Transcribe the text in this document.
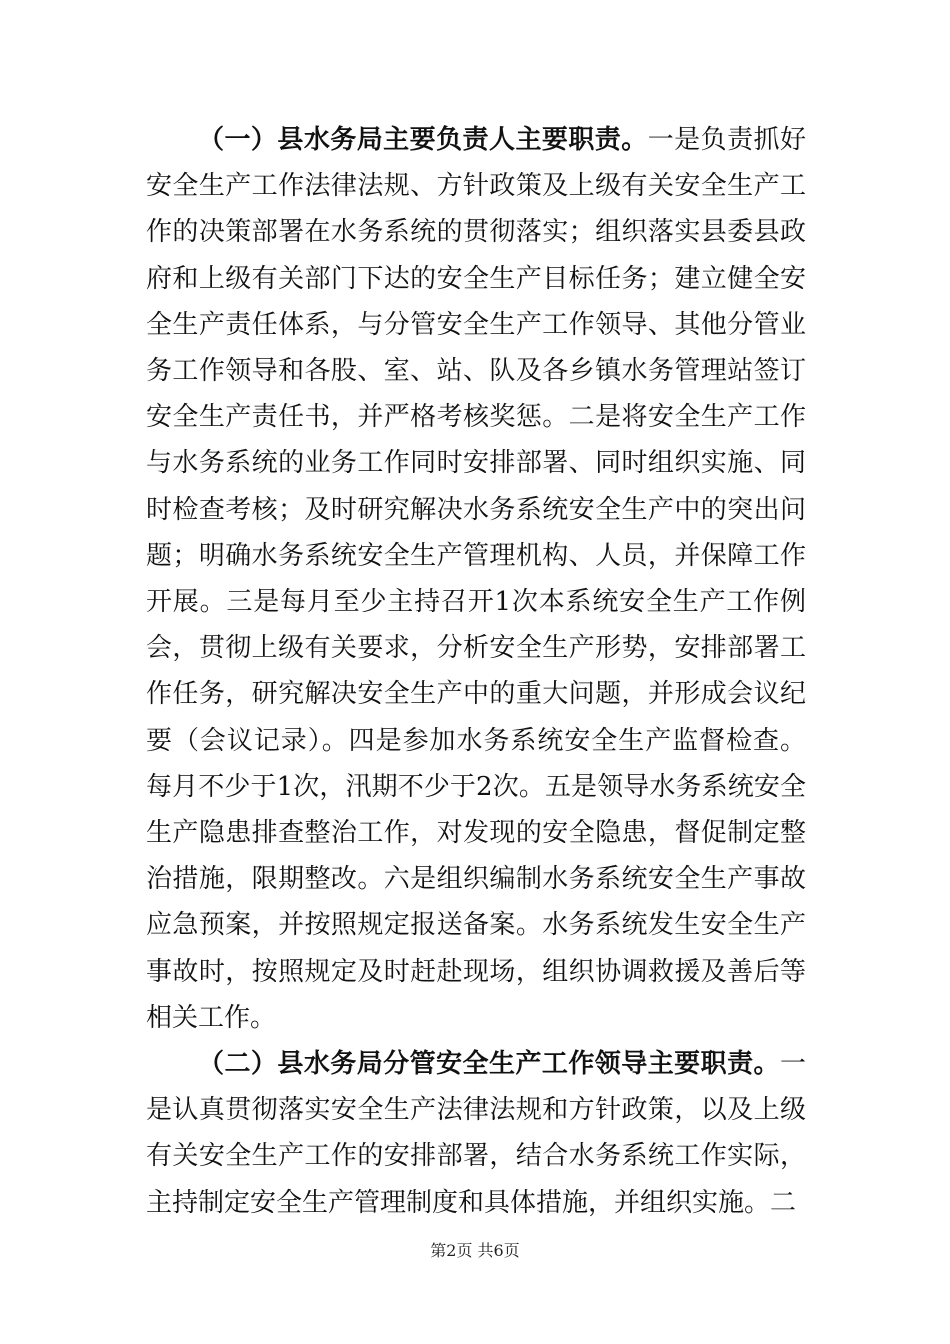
（一）县水务局主要负责人主要职责。一是负责抓好安全生产工作法律法规、方针政策及上级有关安全生产工作的决策部署在水务系统的贯彻落实；组织落实县委县政府和上级有关部门下达的安全生产目标任务；建立健全安全生产责任体系，与分管安全生产工作领导、其他分管业务工作领导和各股、室、站、队及各乡镇水务管理站签订安全生产责任书，并严格考核奖惩。二是将安全生产工作与水务系统的业务工作同时安排部署、同时组织实施、同时检查考核；及时研究解决水务系统安全生产中的突出问题；明确水务系统安全生产管理机构、人员，并保障工作开展。三是每月至少主持召开1次本系统安全生产工作例会，贯彻上级有关要求，分析安全生产形势，安排部署工作任务，研究解决安全生产中的重大问题，并形成会议纪要（会议记录）。四是参加水务系统安全生产监督检查。每月不少于1次，汛期不少于2次。五是领导水务系统安全生产隐患排查整治工作，对发现的安全隐患，督促制定整治措施，限期整改。六是组织编制水务系统安全生产事故应急预案，并按照规定报送备案。水务系统发生安全生产事故时，按照规定及时赶赴现场，组织协调救援及善后等相关工作。

（二）县水务局分管安全生产工作领导主要职责。一是认真贯彻落实安全生产法律法规和方针政策，以及上级有关安全生产工作的安排部署，结合水务系统工作实际，主持制定安全生产管理制度和具体措施，并组织实施。二

第2页 共6页
